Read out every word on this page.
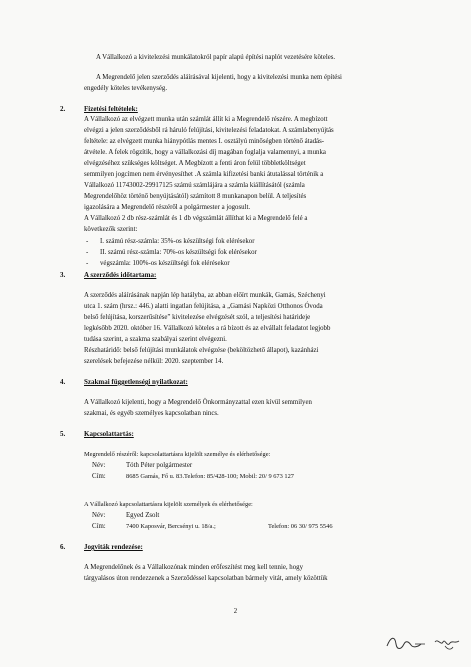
A Vállalkozó a kivitelezési munkálatokról papír alapú építési naplót vezetésére köteles.
A Megrendelő jelen szerződés aláírásával kijelenti, hogy a kivitelezési munka nem építési
engedély köteles tevékenység.
2.	Fizetési feltételek:
A Vállalkozó az elvégzett munka után számlát állít ki a Megrendelő részére. A megbízott
elvégzi a jelen szerződésből rá háruló felújítási, kivitelezési feladatokat. A számlabenyújtás
feltétele: az elvégzett munka hiánypótlás mentes I. osztályú minőségben történő átadás-
átvétele. A felek rögzítik, hogy a vállalkozási díj magában foglalja valamennyi, a munka
elvégzéséhez szükséges költséget. A Megbízott a fenti áron felül többletköltséget
semmilyen jogcímen nem érvényesíthet .A számla kifizetési banki átutalással történik a
Vállalkozó 11743002-29917125 számú számlájára a számla kiállításától (számla
Megrendelőhöz történő benyújtásától) számított 8 munkanapon belül. A teljesítés
igazolására a Megrendelő részéről a polgármester a jogosult.
A Vállalkozó 2 db rész-számlát és 1 db végszámlát állíthat ki a Megrendelő felé a
következők szerint:
- I. számú rész-számla: 35%-os készültségi fok elérésekor
- II. számú rész-számla: 70%-os készültségi fok elérésekor
- végszámla: 100%-os készültségi fok elérésekor
3.	A szerződés időtartama:
A szerződés aláírásának napján lép hatályba, az abban előírt munkák, Gamás, Széchenyi
utca 1. szám (hrsz.: 446.) alatti ingatlan felújítása, a „Gamási Napközi Otthonos Óvoda
belső felújítása, korszerűsítése” kivitelezése elvégzését szól, a teljesítési határideje
legkésőbb 2020. október 16. Vállalkozó köteles a rá bízott és az elvállalt feladatot legjobb
tudása szerint, a szakma szabályai szerint elvégezni.
Részhatáridő: belső felújítási munkálatok elvégzése (beköltözhető állapot), kazánházi
szerelések befejezése nélkül: 2020. szeptember 14.
4.	Szakmai függetlenségi nyilatkozat:
A Vállalkozó kijelenti, hogy a Megrendelő Önkormányzattal ezen kívül semmilyen
szakmai, és egyéb személyes kapcsolatban nincs.
5.	Kapcsolattartás:
Megrendelő részéről: kapcsolattartásra kijelölt személye és elérhetősége:
Név:	Tóth Péter polgármester
Cím:	8685 Gamás, Fő u. 83.Telefon: 85/428-100; Mobil: 20/ 9 673 127
A Vállalkozó kapcsolattartásra kijelölt személyek és elérhetősége:
Név:	Egyed Zsolt
Cím:	7400 Kaposvár, Bercsényi u. 18/a.;	Telefon: 06 30/ 975 5546
6.	Jogviták rendezése:
A Megrendelőnek és a Vállalkozónak minden erőfeszítést meg kell tennie, hogy
tárgyalásos úton rendezzenek a Szerződéssel kapcsolatban bármely vitát, amely közöttük
2
